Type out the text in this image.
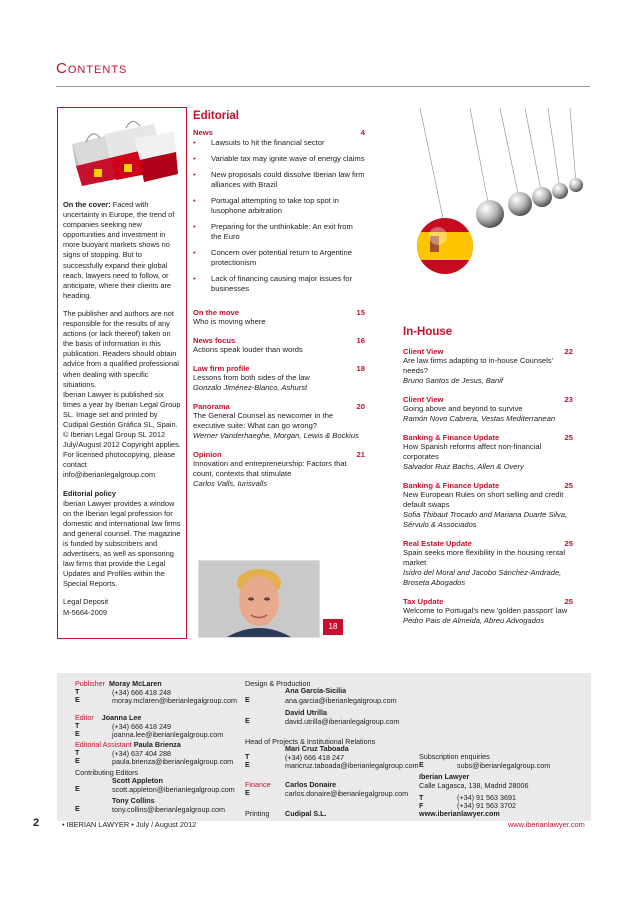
Contents

On the cover: Faced with uncertainty in Europe, the trend of companies seeking new opportunities and investment in more buoyant markets shows no signs of stopping. But to successfully expand their global reach, lawyers need to follow, or anticipate, where their clients are heading.

The publisher and authors are not responsible for the results of any actions (or lack thereof) taken on the basis of information in this publication. Readers should obtain advice from a qualified professional when dealing with specific situations.

Iberian Lawyer is published six times a year by Iberian Legal Group SL. Image set and printed by Cudipal Gestión Gráfica SL, Spain.

© Iberian Legal Group SL 2012 July/August 2012 Copyright applies. For licensed photocopying, please contact info@iberianlegalgroup.com

Editorial policy

Iberian Lawyer provides a window on the Iberian legal profession for domestic and international law firms and general counsel. The magazine is funded by subscribers and advertisers, as well as sponsoring law firms that provide the Legal Updates and Profiles within the Special Reports.

Legal Deposit

M-5664-2009

Editorial
News	4
• Lawsuits to hit the financial sector
• Variable tax may ignite wave of energy claims
• New proposals could dissolve Iberian law firm alliances with Brazil
• Portugal attempting to take top spot in lusophone arbitration
• Preparing for the unthinkable: An exit from the Euro
• Concern over potential return to Argentine protectionism
• Lack of financing causing major issues for businesses
On the move	15
Who is moving where
News focus	16
Actions speak louder than words
Law firm profile	18
Lessons from both sides of the law
Gonzalo Jiménez-Blanco, Ashurst
Panorama	20
The General Counsel as newcomer in the executive suite: What can go wrong?
Werner Vanderhaeghe, Morgan, Lewis & Bockius
Opinion	21
Innovation and entrepreneurship: Factors that count, contexts that stimulate
Carlos Valls, Iurisvalls
18
In-House
Client View	22
Are law firms adapting to in-house Counsels' needs?
Bruno Santos de Jesus, Banif
Client View	23
Going above and beyond to survive
Ramón Novo Cabrera, Vestas Mediterranean
Banking & Finance Update	25
How Spanish reforms affect non-financial corporates
Salvador Ruiz Bachs, Allen & Overy
Banking & Finance Update	25
New European Rules on short selling and credit default swaps
Sofia Thibaut Trocado and Mariana Duarte Silva, Sérvulo & Associados
Real Estate Update	25
Spain seeks more flexibility in the housing rental market
Isidro del Moral and Jacobo Sánchez-Andrade, Broseta Abogados
Tax Update	25
Welcome to Portugal's new 'golden passport' law
Pedro Pais de Almeida, Abreu Advogados
Publisher Moray McLaren
T	(+34) 666 418 248
E	moray.mclaren@iberianlegalgroup.com
Editor Joanna Lee
T	(+34) 666 418 249
E	joanna.lee@iberianlegalgroup.com
Editorial Assistant Paula Brienza
T	(+34) 637 404 288
E	paula.brienza@iberianlegalgroup.com
Contributing Editors
Scott Appleton
E	scott.appleton@iberianlegalgroup.com
Tony Collins
E	tony.collins@iberianlegalgroup.com
Design & Production
Ana García-Sicilia
E	ana.garcia@iberianlegalgroup.com
David Utrilla
E	david.utrilla@iberianlegalgroup.com
Head of Projects & Institutional Relations
Mari Cruz Taboada
T	(+34) 666 418 247
E	maricruz.taboada@iberianlegalgroup.com
Finance Carlos Donaire
E	carlos.donaire@iberianlegalgroup.com
Printing Cudipal S.L.
Subscription enquiries
E	subs@iberianlegalgroup.com
Iberian Lawyer
Calle Lagasca, 138, Madrid 28006
T	(+34) 91 563 3691
F	(+34) 91 563 3702
www.iberianlawyer.com
2	• IBERIAN LAWYER • July / August 2012	www.iberianlawyer.com
